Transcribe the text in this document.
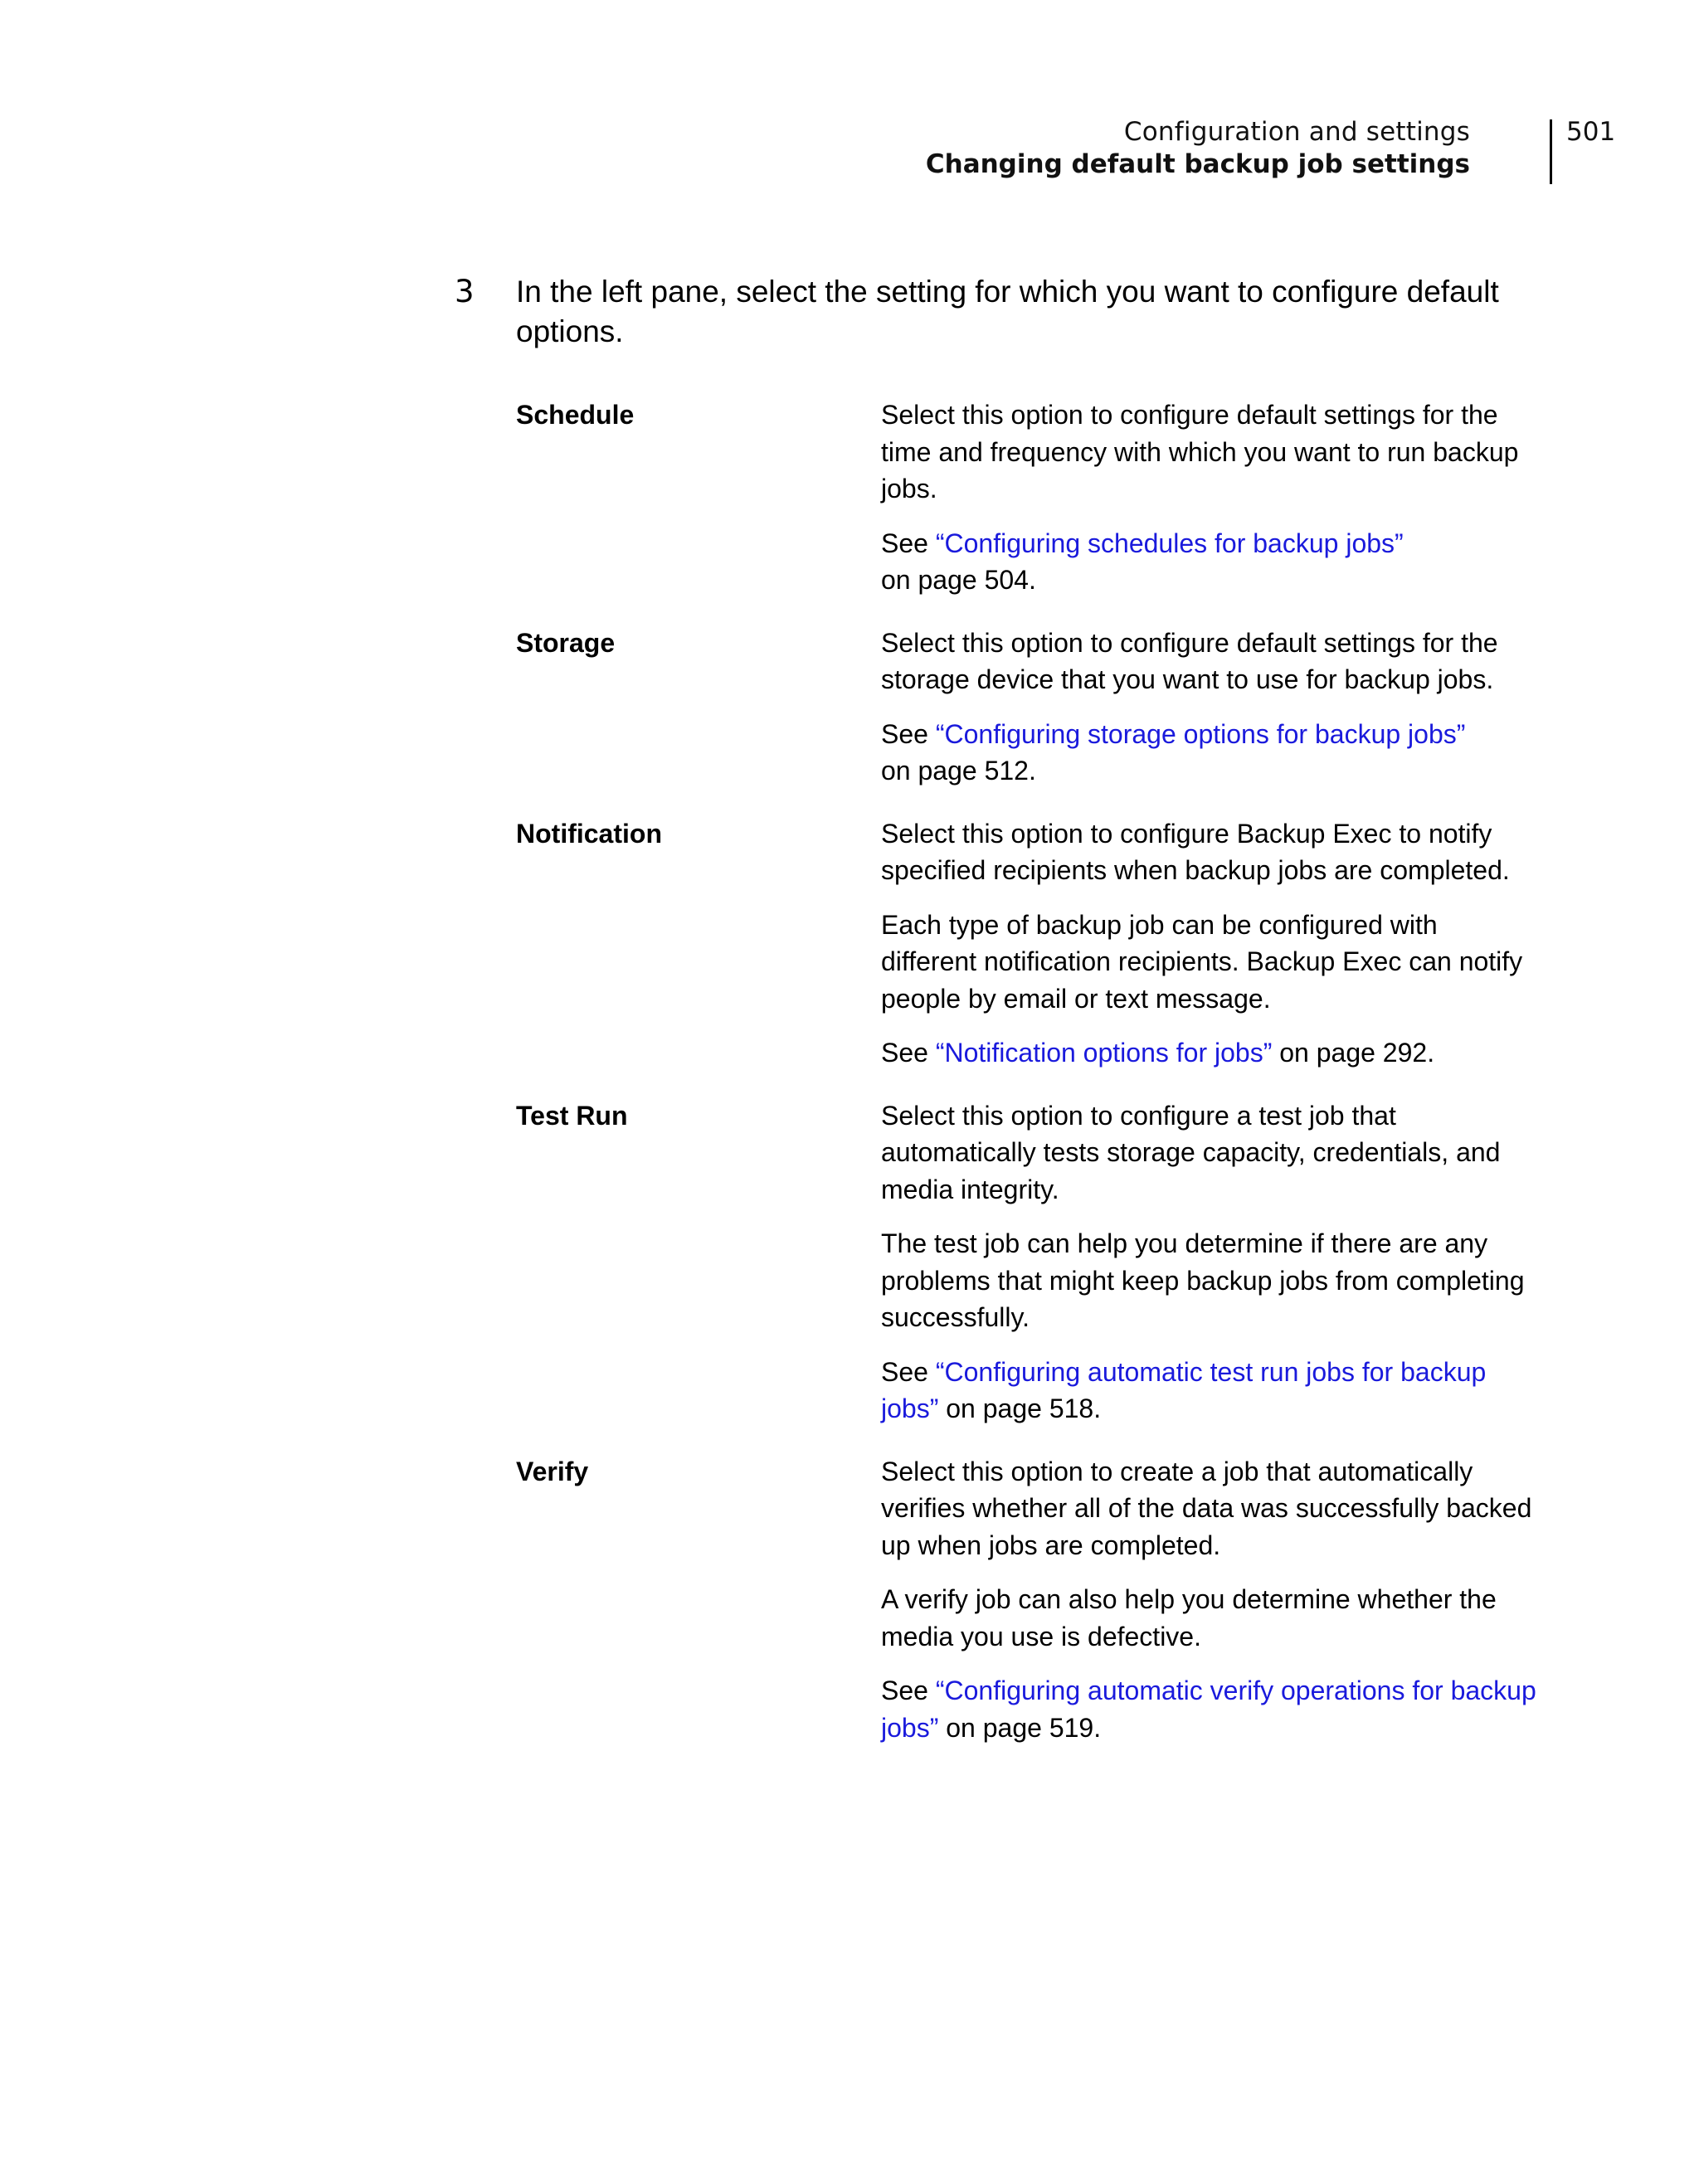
Configuration and settings
Changing default backup job settings
501
3 In the left pane, select the setting for which you want to configure default options.
Schedule	Select this option to configure default settings for the time and frequency with which you want to run backup jobs.

See “Configuring schedules for backup jobs”
on page 504.

Storage	Select this option to configure default settings for the storage device that you want to use for backup jobs.

See “Configuring storage options for backup jobs”
on page 512.

Notification	Select this option to configure Backup Exec to notify specified recipients when backup jobs are completed.

Each type of backup job can be configured with different notification recipients. Backup Exec can notify people by email or text message.

See “Notification options for jobs” on page 292.

Test Run	Select this option to configure a test job that automatically tests storage capacity, credentials, and media integrity.

The test job can help you determine if there are any problems that might keep backup jobs from completing successfully.

See “Configuring automatic test run jobs for backup jobs” on page 518.

Verify	Select this option to create a job that automatically verifies whether all of the data was successfully backed up when jobs are completed.

A verify job can also help you determine whether the media you use is defective.

See “Configuring automatic verify operations for backup jobs” on page 519.
